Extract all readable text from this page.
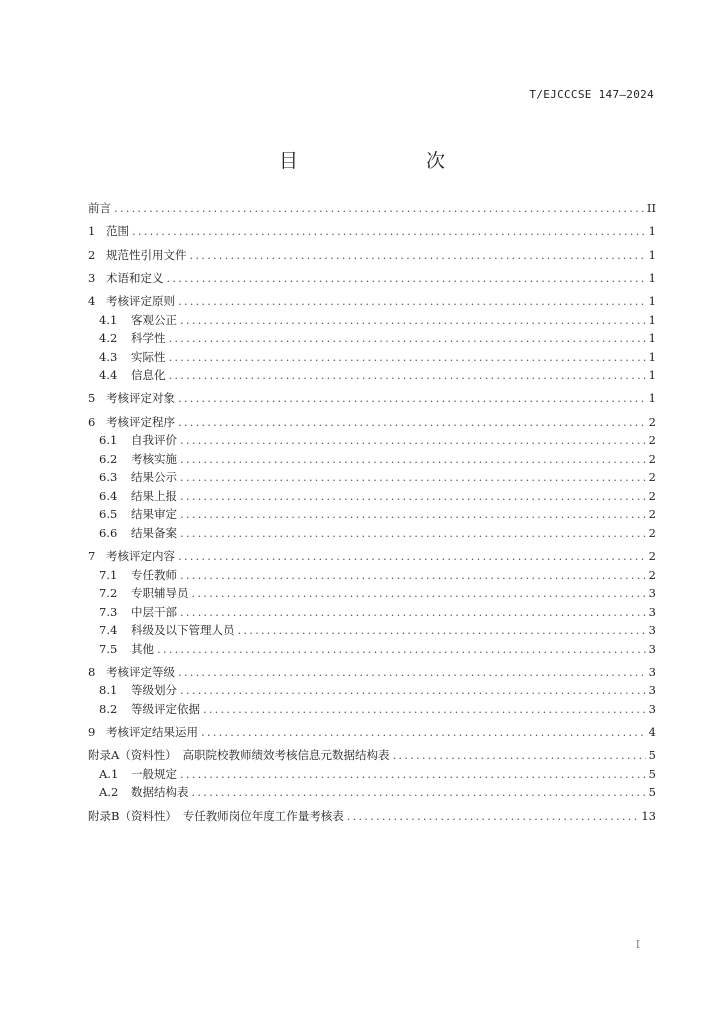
T/EJCCCSE 147—2024
目　　次
前言 .....	II
1 范围 .....	1
2 规范性引用文件 .....	1
3 术语和定义 .....	1
4 考核评定原则 .....	1
4.1	客观公正 .....	1
4.2	科学性 .....	1
4.3	实际性 .....	1
4.4	信息化 .....	1
5 考核评定对象 .....	1
6 考核评定程序 .....	2
6.1	自我评价 .....	2
6.2	考核实施 .....	2
6.3	结果公示 .....	2
6.4	结果上报 .....	2
6.5	结果审定 .....	2
6.6	结果备案 .....	2
7 考核评定内容 .....	2
7.1	专任教师 .....	2
7.2	专职辅导员 .....	3
7.3	中层干部 .....	3
7.4	科级及以下管理人员 .....	3
7.5	其他 .....	3
8 考核评定等级 .....	3
8.1	等级划分 .....	3
8.2	等级评定依据 .....	3
9 考核评定结果运用 .....	4
附录A（资料性）　高职院校教师绩效考核信息元数据结构表 .....	5
A.1	一般规定 .....	5
A.2	数据结构表 .....	5
附录B（资料性）　专任教师岗位年度工作量考核表 .....	13
I
